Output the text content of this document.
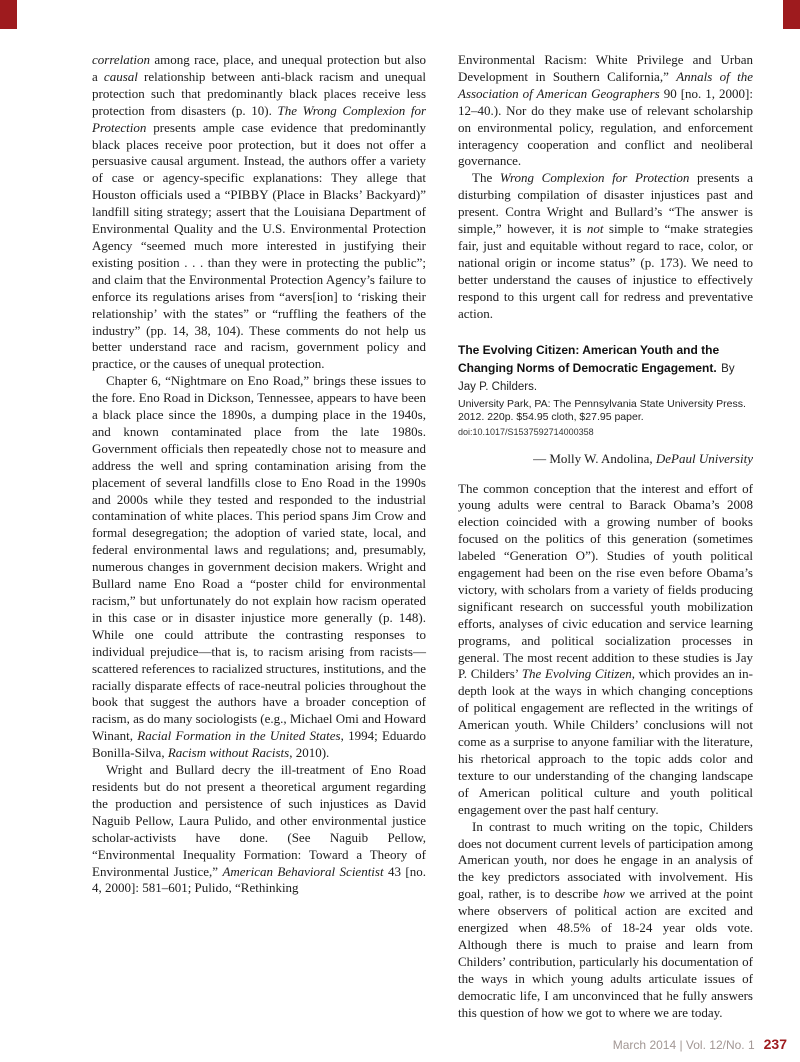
correlation among race, place, and unequal protection but also a causal relationship between anti-black racism and unequal protection such that predominantly black places receive less protection from disasters (p. 10). The Wrong Complexion for Protection presents ample case evidence that predominantly black places receive poor protection, but it does not offer a persuasive causal argument. Instead, the authors offer a variety of case or agency-specific explanations: They allege that Houston officials used a “PIBBY (Place in Blacks’ Backyard)” landfill siting strategy; assert that the Louisiana Department of Environmental Quality and the U.S. Environmental Protection Agency “seemed much more interested in justifying their existing position . . . than they were in protecting the public”; and claim that the Environmental Protection Agency’s failure to enforce its regulations arises from “avers[ion] to ‘risking their relationship’ with the states” or “ruffling the feathers of the industry” (pp. 14, 38, 104). These comments do not help us better understand race and racism, government policy and practice, or the causes of unequal protection.

Chapter 6, “Nightmare on Eno Road,” brings these issues to the fore. Eno Road in Dickson, Tennessee, appears to have been a black place since the 1890s, a dumping place in the 1940s, and known contaminated place from the late 1980s. Government officials then repeatedly chose not to measure and address the well and spring contamination arising from the placement of several landfills close to Eno Road in the 1990s and 2000s while they tested and responded to the industrial contamination of white places. This period spans Jim Crow and formal desegregation; the adoption of varied state, local, and federal environmental laws and regulations; and, presumably, numerous changes in government decision makers. Wright and Bullard name Eno Road a “poster child for environmental racism,” but unfortunately do not explain how racism operated in this case or in disaster injustice more generally (p. 148). While one could attribute the contrasting responses to individual prejudice—that is, to racism arising from racists—scattered references to racialized structures, institutions, and the racially disparate effects of race-neutral policies throughout the book that suggest the authors have a broader conception of racism, as do many sociologists (e.g., Michael Omi and Howard Winant, Racial Formation in the United States, 1994; Eduardo Bonilla-Silva, Racism without Racists, 2010).

Wright and Bullard decry the ill-treatment of Eno Road residents but do not present a theoretical argument regarding the production and persistence of such injustices as David Naguib Pellow, Laura Pulido, and other environmental justice scholar-activists have done. (See Naguib Pellow, “Environmental Inequality Formation: Toward a Theory of Environmental Justice,” American Behavioral Scientist 43 [no. 4, 2000]: 581–601; Pulido, “Rethinking

Environmental Racism: White Privilege and Urban Development in Southern California,” Annals of the Association of American Geographers 90 [no. 1, 2000]: 12–40.). Nor do they make use of relevant scholarship on environmental policy, regulation, and enforcement interagency cooperation and conflict and neoliberal governance.

The Wrong Complexion for Protection presents a disturbing compilation of disaster injustices past and present. Contra Wright and Bullard’s “The answer is simple,” however, it is not simple to “make strategies fair, just and equitable without regard to race, color, or national origin or income status” (p. 173). We need to better understand the causes of injustice to effectively respond to this urgent call for redress and preventative action.

The Evolving Citizen: American Youth and the Changing Norms of Democratic Engagement. By Jay P. Childers.
University Park, PA: The Pennsylvania State University Press. 2012. 220p. $54.95 cloth, $27.95 paper.
doi:10.1017/S1537592714000358
— Molly W. Andolina, DePaul University

The common conception that the interest and effort of young adults were central to Barack Obama’s 2008 election coincided with a growing number of books focused on the politics of this generation (sometimes labeled “Generation O”). Studies of youth political engagement had been on the rise even before Obama’s victory, with scholars from a variety of fields producing significant research on successful youth mobilization efforts, analyses of civic education and service learning programs, and political socialization processes in general. The most recent addition to these studies is Jay P. Childers’ The Evolving Citizen, which provides an in-depth look at the ways in which changing conceptions of political engagement are reflected in the writings of American youth. While Childers’ conclusions will not come as a surprise to anyone familiar with the literature, his rhetorical approach to the topic adds color and texture to our understanding of the changing landscape of American political culture and youth political engagement over the past half century.

In contrast to much writing on the topic, Childers does not document current levels of participation among American youth, nor does he engage in an analysis of the key predictors associated with involvement. His goal, rather, is to describe how we arrived at the point where observers of political action are excited and energized when 48.5% of 18-24 year olds vote. Although there is much to praise and learn from Childers’ contribution, particularly his documentation of the ways in which young adults articulate issues of democratic life, I am unconvinced that he fully answers this question of how we got to where we are today.

March 2014 | Vol. 12/No. 1 237
